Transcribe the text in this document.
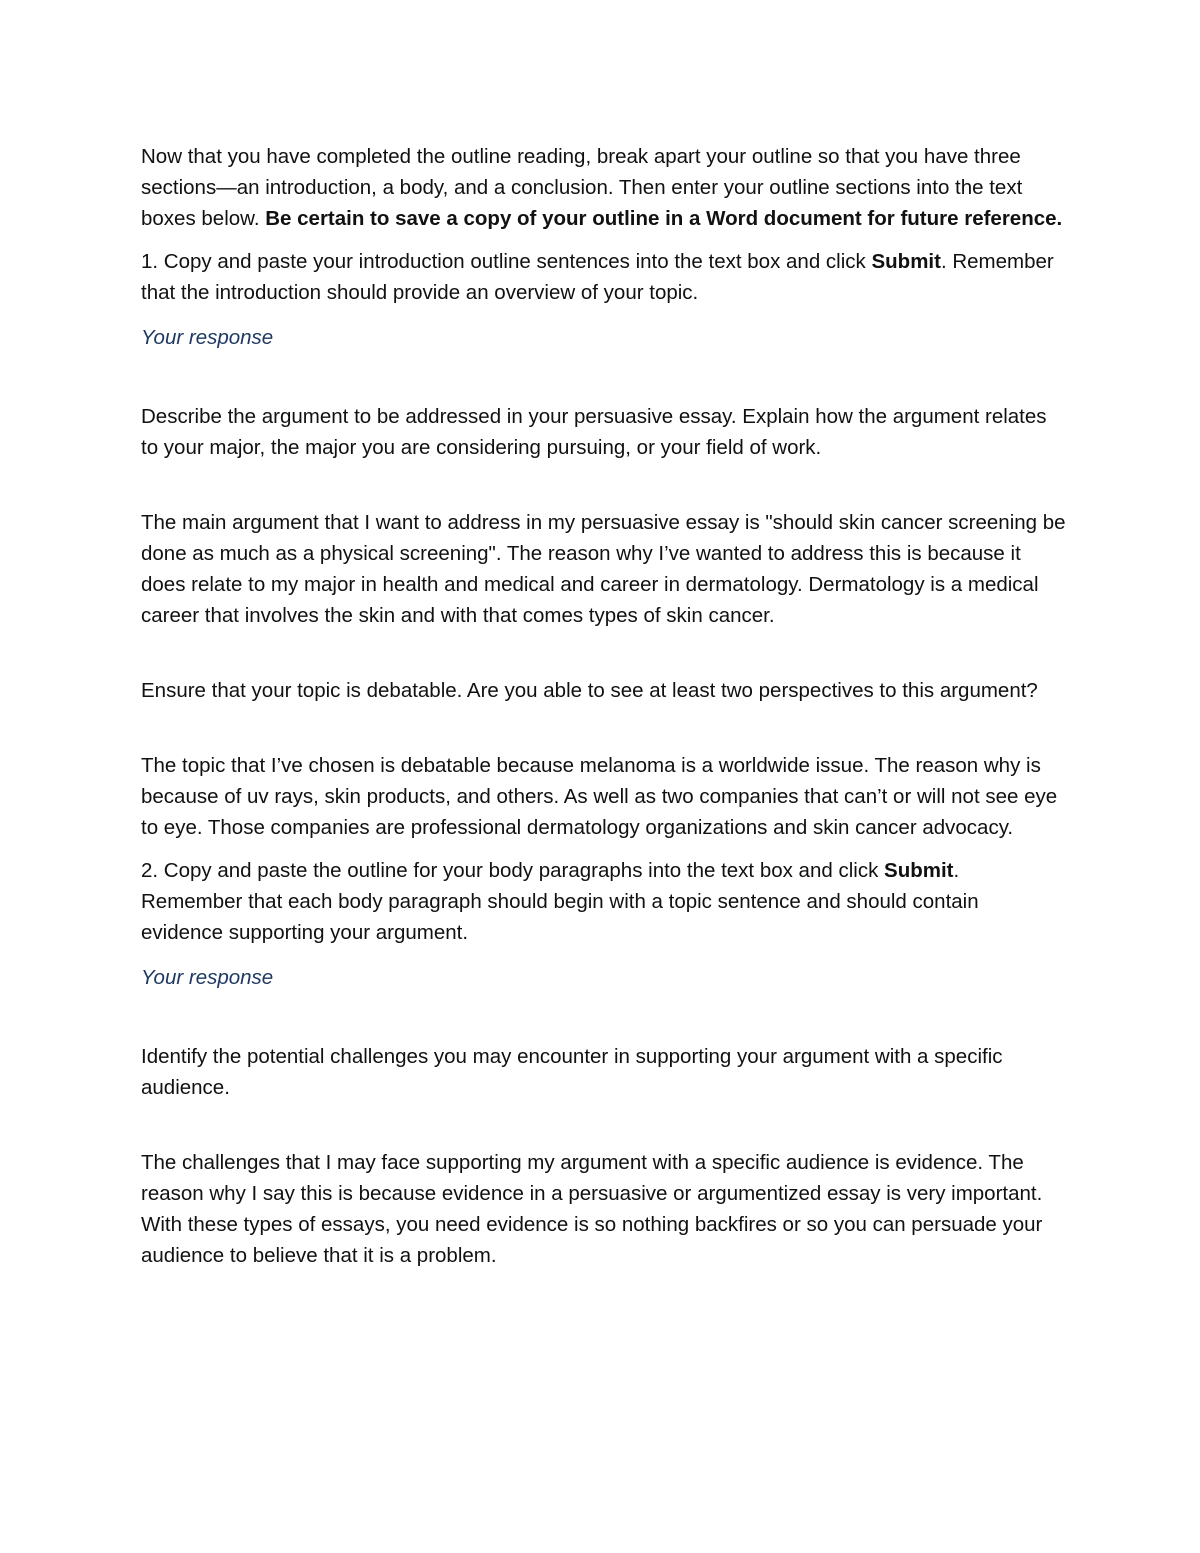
Now that you have completed the outline reading, break apart your outline so that you have three sections—an introduction, a body, and a conclusion. Then enter your outline sections into the text boxes below. Be certain to save a copy of your outline in a Word document for future reference.

1. Copy and paste your introduction outline sentences into the text box and click Submit. Remember that the introduction should provide an overview of your topic.

Your response

Describe the argument to be addressed in your persuasive essay. Explain how the argument relates to your major, the major you are considering pursuing, or your field of work.

The main argument that I want to address in my persuasive essay is "should skin cancer screening be done as much as a physical screening". The reason why I’ve wanted to address this is because it does relate to my major in health and medical and career in dermatology. Dermatology is a medical career that involves the skin and with that comes types of skin cancer.

Ensure that your topic is debatable. Are you able to see at least two perspectives to this argument?

The topic that I’ve chosen is debatable because melanoma is a worldwide issue. The reason why is because of uv rays, skin products, and others. As well as two companies that can’t or will not see eye to eye. Those companies are professional dermatology organizations and skin cancer advocacy.

2. Copy and paste the outline for your body paragraphs into the text box and click Submit. Remember that each body paragraph should begin with a topic sentence and should contain evidence supporting your argument.

Your response

Identify the potential challenges you may encounter in supporting your argument with a specific audience.

The challenges that I may face supporting my argument with a specific audience is evidence. The reason why I say this is because evidence in a persuasive or argumentized essay is very important. With these types of essays, you need evidence is so nothing backfires or so you can persuade your audience to believe that it is a problem.
